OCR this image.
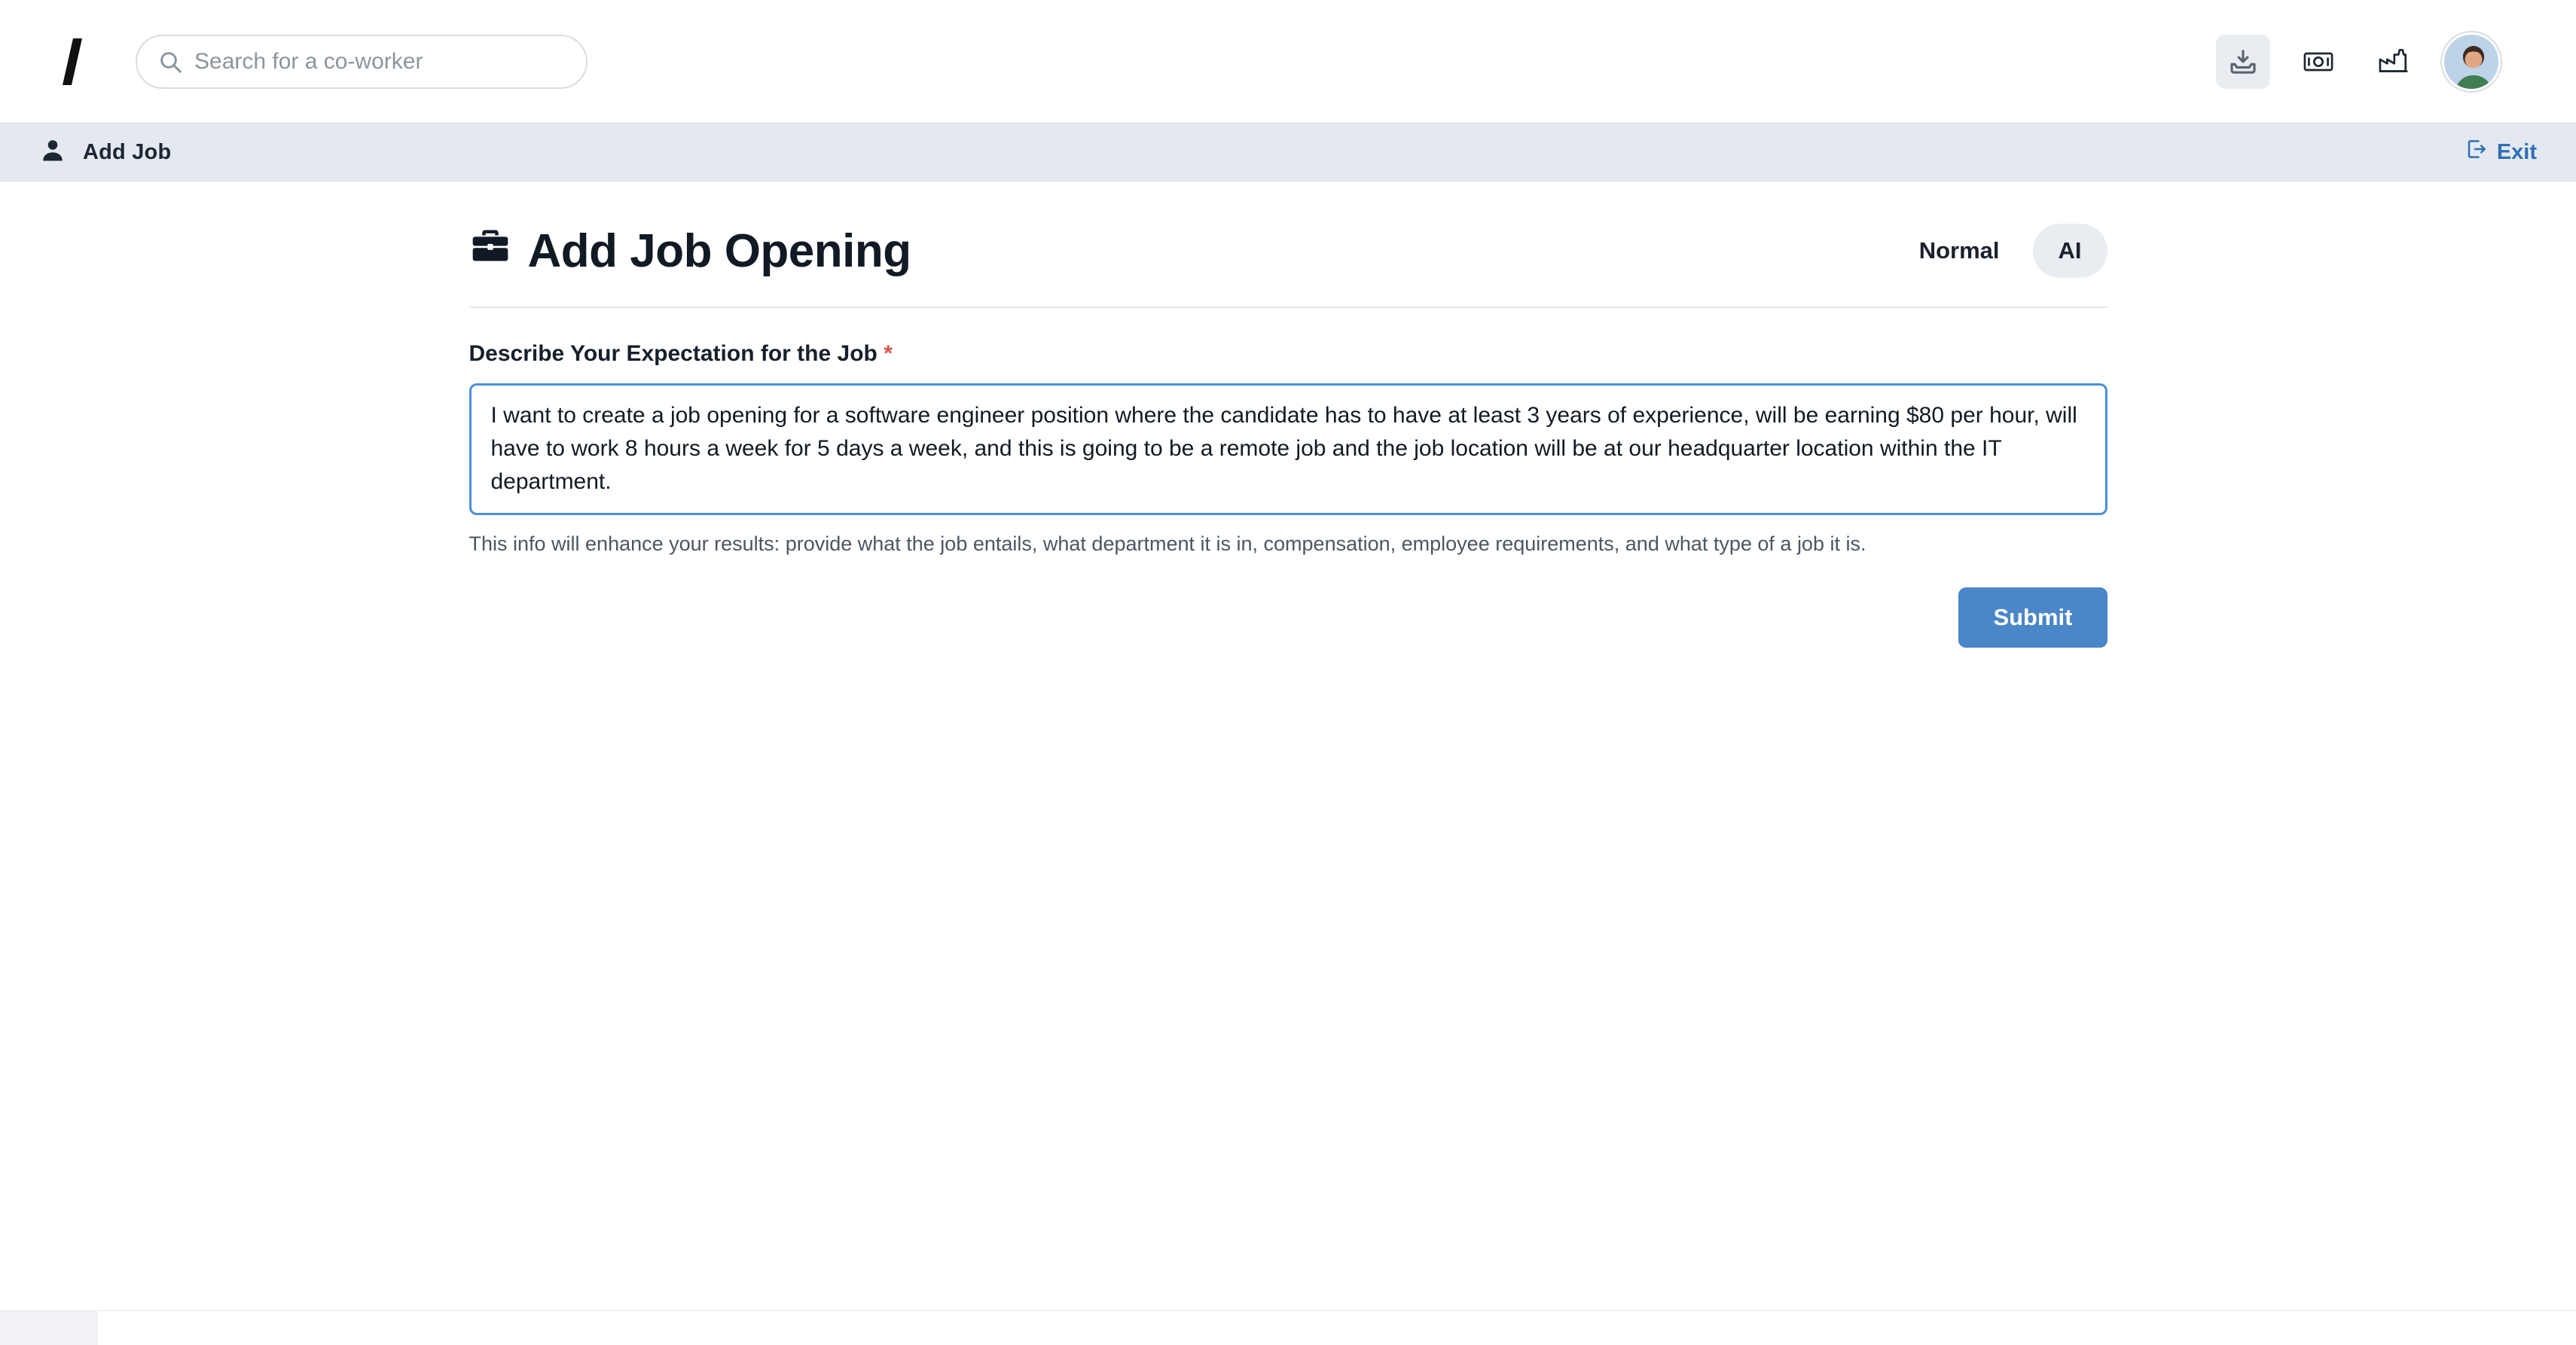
Search for a co-worker
Add Job	Exit
Add Job Opening	Normal	AI
Describe Your Expectation for the Job *
I want to create a job opening for a software engineer position where the candidate has to have at least 3 years of experience, will be earning $80 per hour, will have to work 8 hours a week for 5 days a week, and this is going to be a remote job and the job location will be at our headquarter location within the IT department.
This info will enhance your results: provide what the job entails, what department it is in, compensation, employee requirements, and what type of a job it is.
Submit
